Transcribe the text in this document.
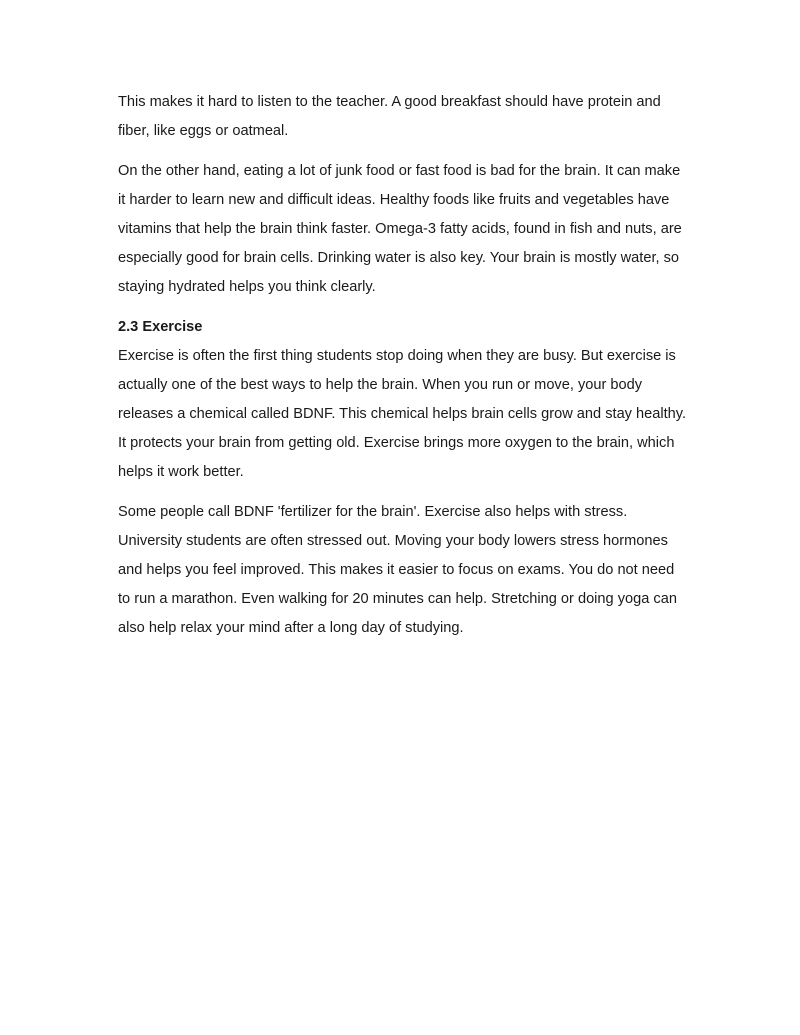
This makes it hard to listen to the teacher. A good breakfast should have protein and fiber, like eggs or oatmeal.

On the other hand, eating a lot of junk food or fast food is bad for the brain. It can make it harder to learn new and difficult ideas. Healthy foods like fruits and vegetables have vitamins that help the brain think faster. Omega-3 fatty acids, found in fish and nuts, are especially good for brain cells. Drinking water is also key. Your brain is mostly water, so staying hydrated helps you think clearly.

2.3 Exercise

Exercise is often the first thing students stop doing when they are busy. But exercise is actually one of the best ways to help the brain. When you run or move, your body releases a chemical called BDNF. This chemical helps brain cells grow and stay healthy. It protects your brain from getting old. Exercise brings more oxygen to the brain, which helps it work better.

Some people call BDNF 'fertilizer for the brain'. Exercise also helps with stress. University students are often stressed out. Moving your body lowers stress hormones and helps you feel improved. This makes it easier to focus on exams. You do not need to run a marathon. Even walking for 20 minutes can help. Stretching or doing yoga can also help relax your mind after a long day of studying.
